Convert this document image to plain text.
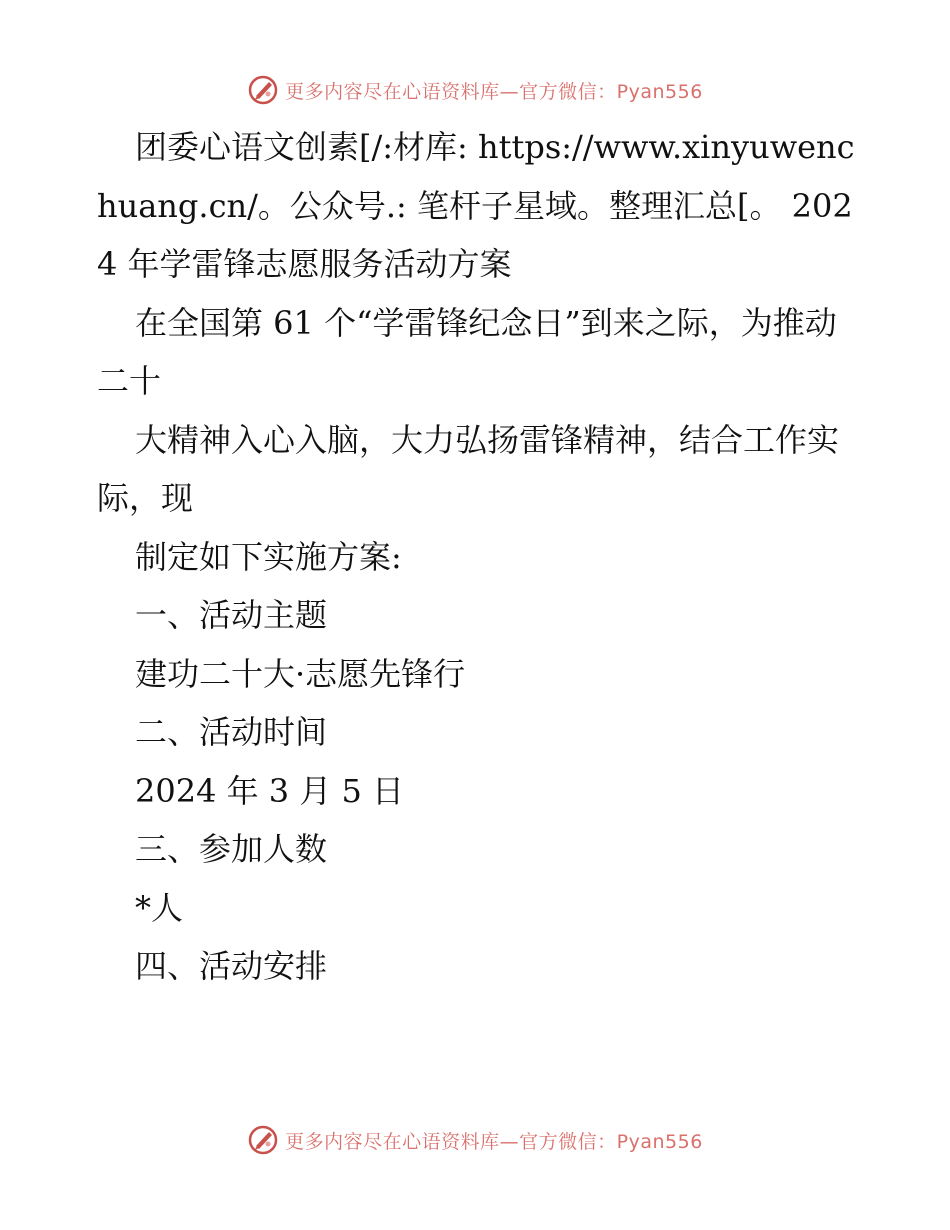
更多内容尽在心语资料库—官方微信：Pyan556

团委心语文创素[/:材库: https://www.xinyuwenchuang.cn/。公众号.: 笔杆子星域。整理汇总[。 2024 年学雷锋志愿服务活动方案

在全国第 61 个“学雷锋纪念日”到来之际，为推动二十

大精神入心入脑，大力弘扬雷锋精神，结合工作实际，现

制定如下实施方案:

一、活动主题

建功二十大·志愿先锋行

二、活动时间

2024 年 3 月 5 日

三、参加人数

*人

四、活动安排

更多内容尽在心语资料库—官方微信：Pyan556
